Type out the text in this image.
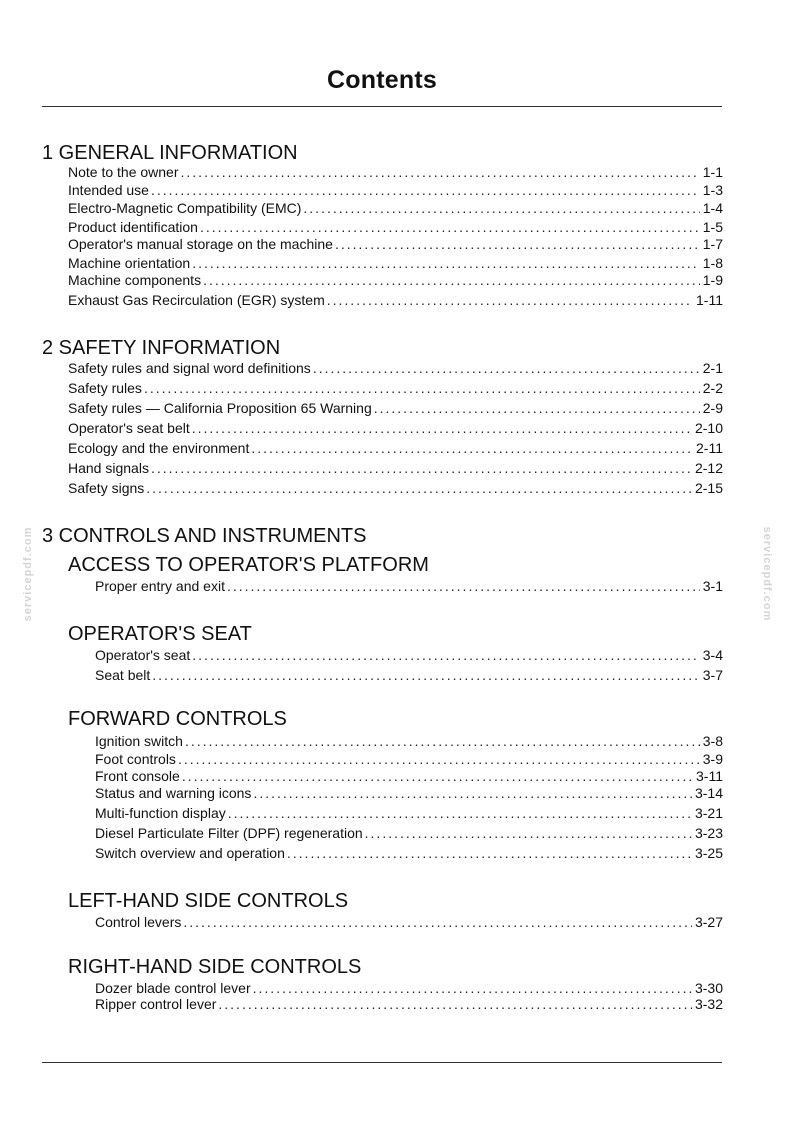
Contents
servicepdf.com	servicepdf.com
1 GENERAL INFORMATION
Note to the owner .....	1-1
Intended use .....	1-3
Electro-Magnetic Compatibility (EMC) .....	1-4
Product identification .....	1-5
Operator's manual storage on the machine .....	1-7
Machine orientation .....	1-8
Machine components .....	1-9
Exhaust Gas Recirculation (EGR) system .....	1-11
2 SAFETY INFORMATION
Safety rules and signal word definitions .....	2-1
Safety rules .....	2-2
Safety rules — California Proposition 65 Warning .....	2-9
Operator's seat belt .....	2-10
Ecology and the environment .....	2-11
Hand signals .....	2-12
Safety signs .....	2-15
3 CONTROLS AND INSTRUMENTS
ACCESS TO OPERATOR'S PLATFORM
Proper entry and exit .....	3-1
OPERATOR'S SEAT
Operator's seat .....	3-4
Seat belt .....	3-7
FORWARD CONTROLS
Ignition switch .....	3-8
Foot controls .....	3-9
Front console .....	3-11
Status and warning icons .....	3-14
Multi-function display .....	3-21
Diesel Particulate Filter (DPF) regeneration .....	3-23
Switch overview and operation .....	3-25
LEFT-HAND SIDE CONTROLS
Control levers .....	3-27
RIGHT-HAND SIDE CONTROLS
Dozer blade control lever .....	3-30
Ripper control lever .....	3-32
